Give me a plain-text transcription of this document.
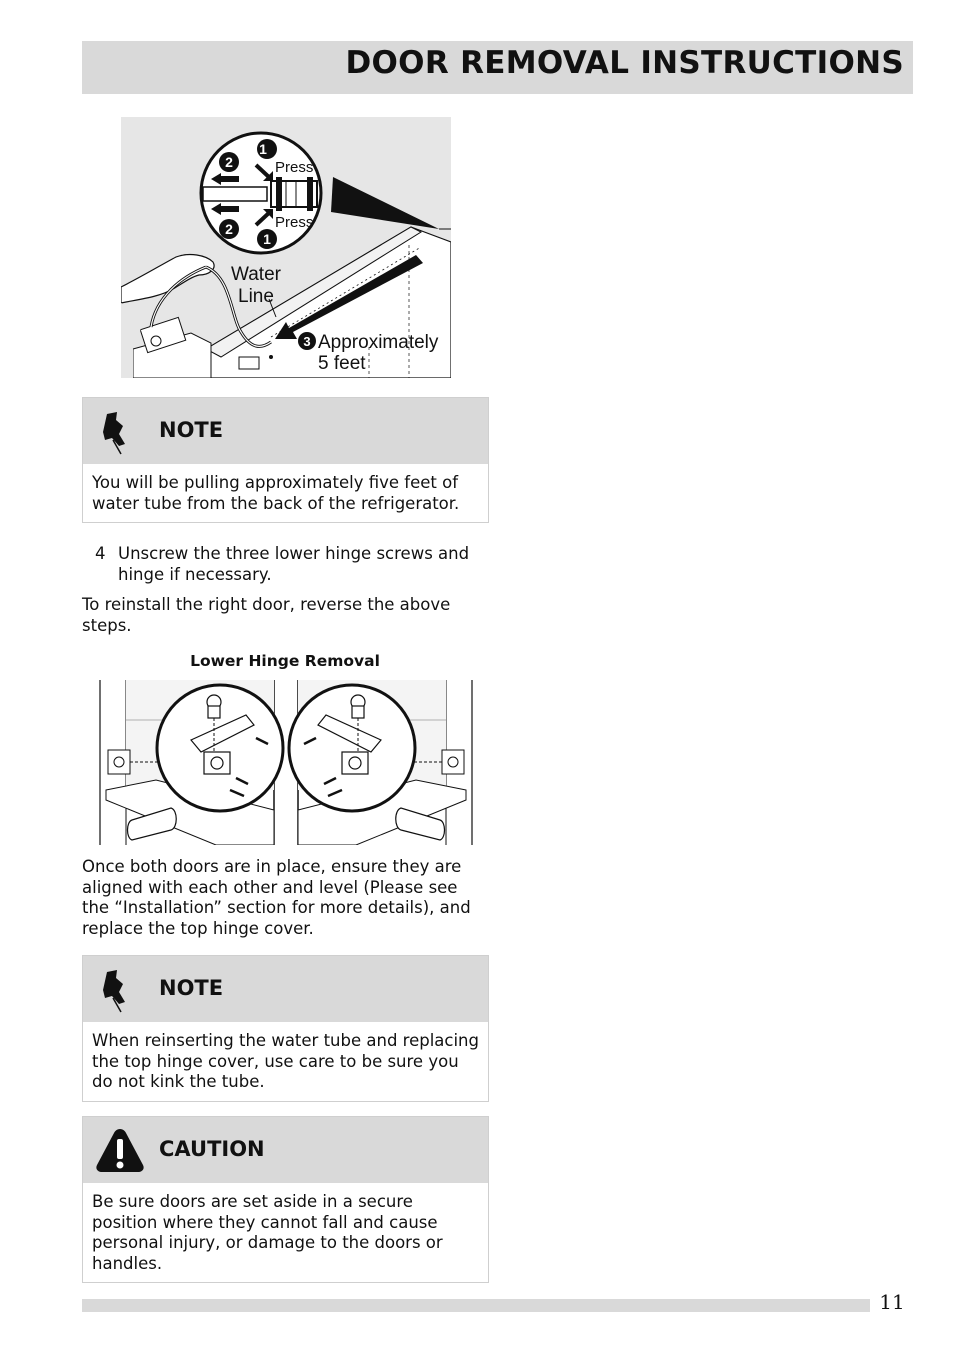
DOOR REMOVAL INSTRUCTIONS
1
2
2
1
3
Press
Press
Water
Line
Approximately
5 feet
NOTE
You will be pulling approximately five feet of water tube from the back of the refrigerator.
4 Unscrew the three lower hinge screws and hinge if necessary.
To reinstall the right door, reverse the above steps.
Lower Hinge Removal
Once both doors are in place, ensure they are aligned with each other and level (Please see the “Installation” section for more details), and replace the top hinge cover.
NOTE
When reinserting the water tube and replacing the top hinge cover, use care to be sure you do not kink the tube.
CAUTION
Be sure doors are set aside in a secure position where they cannot fall and cause personal injury, or damage to the doors or handles.
11
